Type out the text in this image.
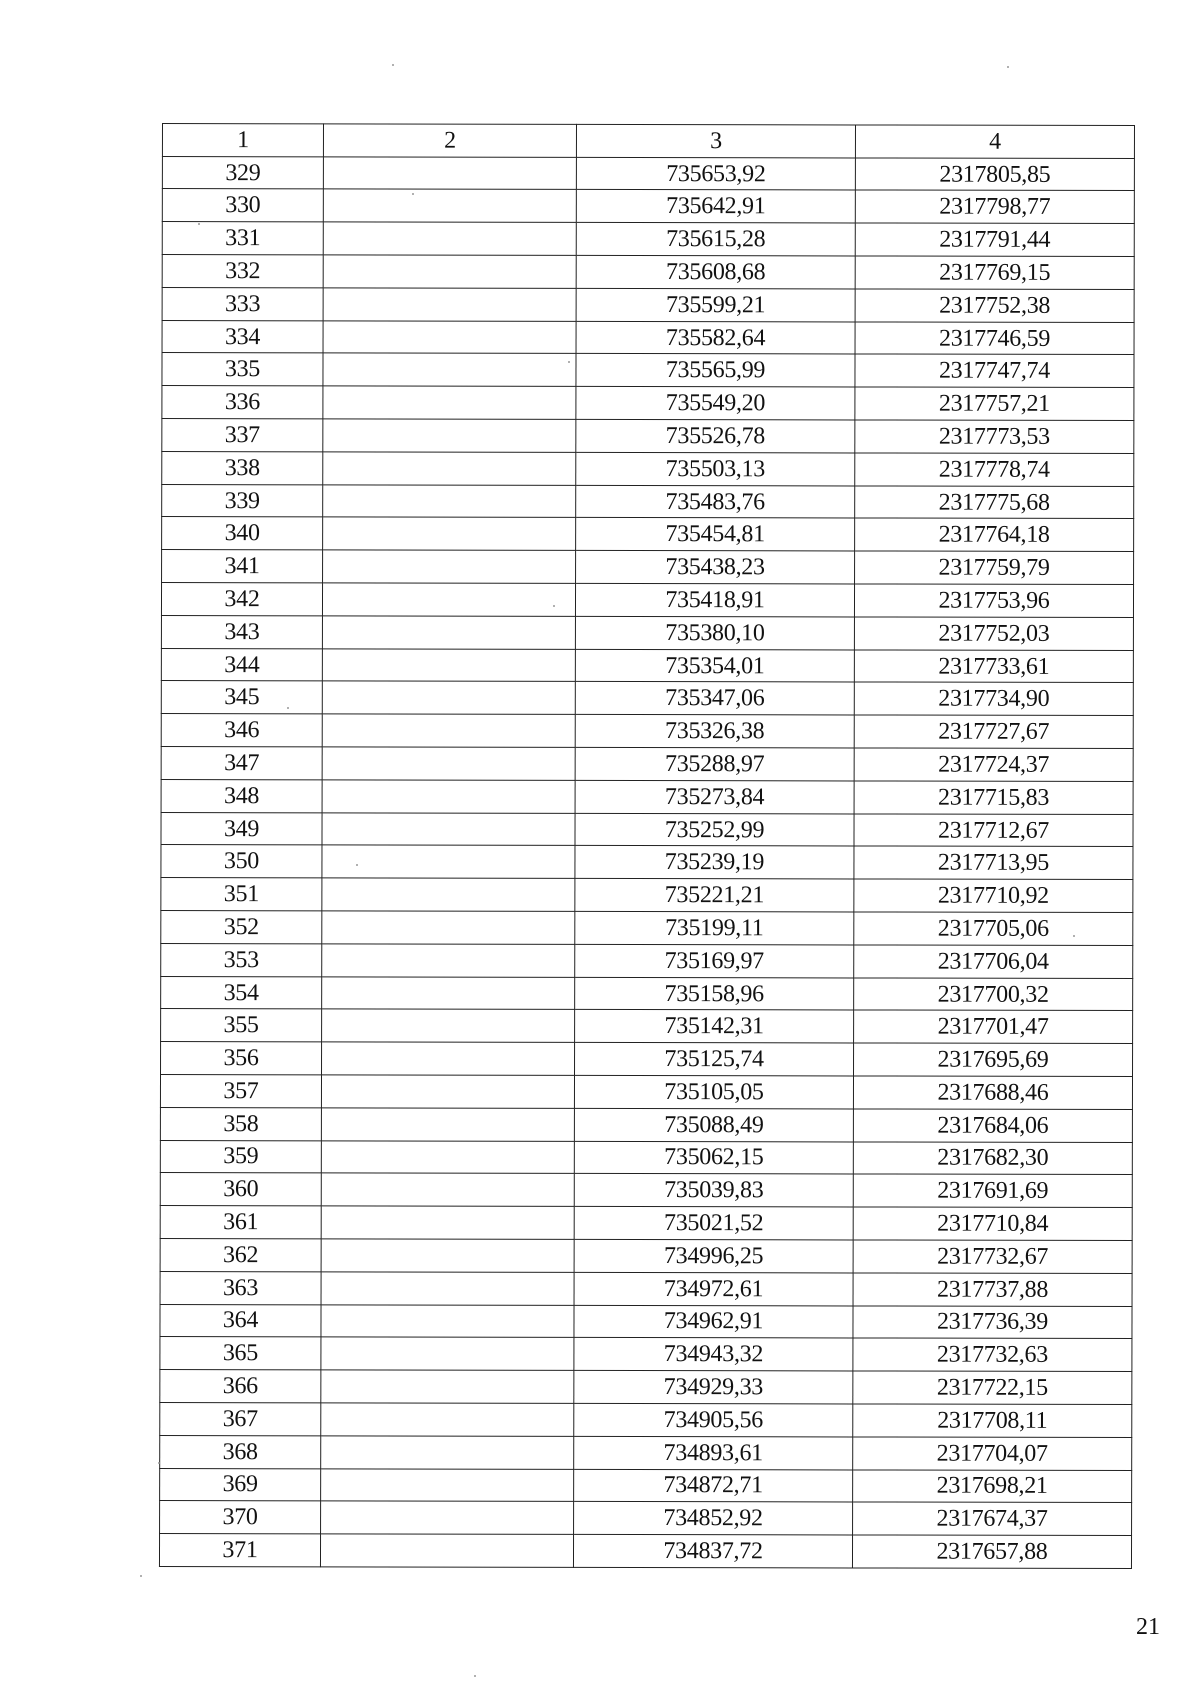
1	2	3	4
329		735653,92	2317805,85
330		735642,91	2317798,77
331		735615,28	2317791,44
332		735608,68	2317769,15
333		735599,21	2317752,38
334		735582,64	2317746,59
335		735565,99	2317747,74
336		735549,20	2317757,21
337		735526,78	2317773,53
338		735503,13	2317778,74
339		735483,76	2317775,68
340		735454,81	2317764,18
341		735438,23	2317759,79
342		735418,91	2317753,96
343		735380,10	2317752,03
344		735354,01	2317733,61
345		735347,06	2317734,90
346		735326,38	2317727,67
347		735288,97	2317724,37
348		735273,84	2317715,83
349		735252,99	2317712,67
350		735239,19	2317713,95
351		735221,21	2317710,92
352		735199,11	2317705,06
353		735169,97	2317706,04
354		735158,96	2317700,32
355		735142,31	2317701,47
356		735125,74	2317695,69
357		735105,05	2317688,46
358		735088,49	2317684,06
359		735062,15	2317682,30
360		735039,83	2317691,69
361		735021,52	2317710,84
362		734996,25	2317732,67
363		734972,61	2317737,88
364		734962,91	2317736,39
365		734943,32	2317732,63
366		734929,33	2317722,15
367		734905,56	2317708,11
368		734893,61	2317704,07
369		734872,71	2317698,21
370		734852,92	2317674,37
371		734837,72	2317657,88
21
